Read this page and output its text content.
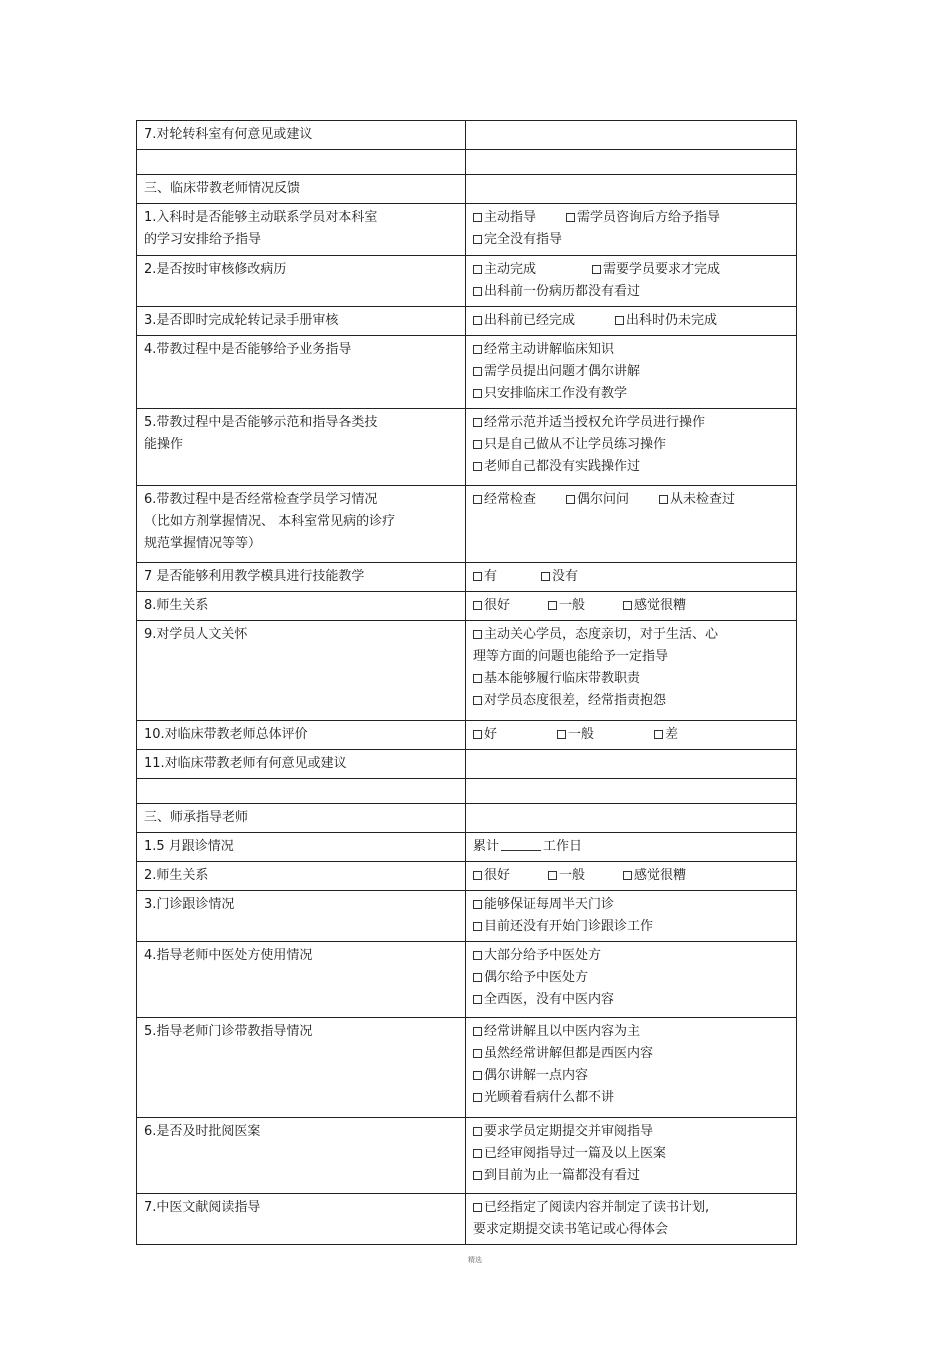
7.对轮转科室有何意见或建议	

三、临床带教老师情况反馈	

1.入科时是否能够主动联系学员对本科室
的学习安排给予指导	主动指导 需学员咨询后方给予指导
完全没有指导

2.是否按时审核修改病历	主动完成 需要学员要求才完成
出科前一份病历都没有看过

3.是否即时完成轮转记录手册审核	出科前已经完成 出科时仍未完成

4.带教过程中是否能够给予业务指导	经常主动讲解临床知识
需学员提出问题才偶尔讲解
只安排临床工作没有教学

5.带教过程中是否能够示范和指导各类技
能操作	经常示范并适当授权允许学员进行操作
只是自己做从不让学员练习操作
老师自己都没有实践操作过

6.带教过程中是否经常检查学员学习情况
（比如方剂掌握情况、 本科室常见病的诊疗
规范掌握情况等等）	经常检查 偶尔问问 从未检查过

7 是否能够利用教学模具进行技能教学	有 没有

8.师生关系	很好 一般 感觉很糟

9.对学员人文关怀	主动关心学员，态度亲切，对于生活、心
理等方面的问题也能给予一定指导
基本能够履行临床带教职责
对学员态度很差，经常指责抱怨

10.对临床带教老师总体评价	好 一般 差

11.对临床带教老师有何意见或建议	

三、师承指导老师	

1.5 月跟诊情况	累计 工作日

2.师生关系	很好 一般 感觉很糟

3.门诊跟诊情况	能够保证每周半天门诊
目前还没有开始门诊跟诊工作

4.指导老师中医处方使用情况	大部分给予中医处方
偶尔给予中医处方
全西医，没有中医内容

5.指导老师门诊带教指导情况	经常讲解且以中医内容为主
虽然经常讲解但都是西医内容
偶尔讲解一点内容
光顾着看病什么都不讲

6.是否及时批阅医案	要求学员定期提交并审阅指导
已经审阅指导过一篇及以上医案
到目前为止一篇都没有看过

7.中医文献阅读指导	已经指定了阅读内容并制定了读书计划,
要求定期提交读书笔记或心得体会
精选
